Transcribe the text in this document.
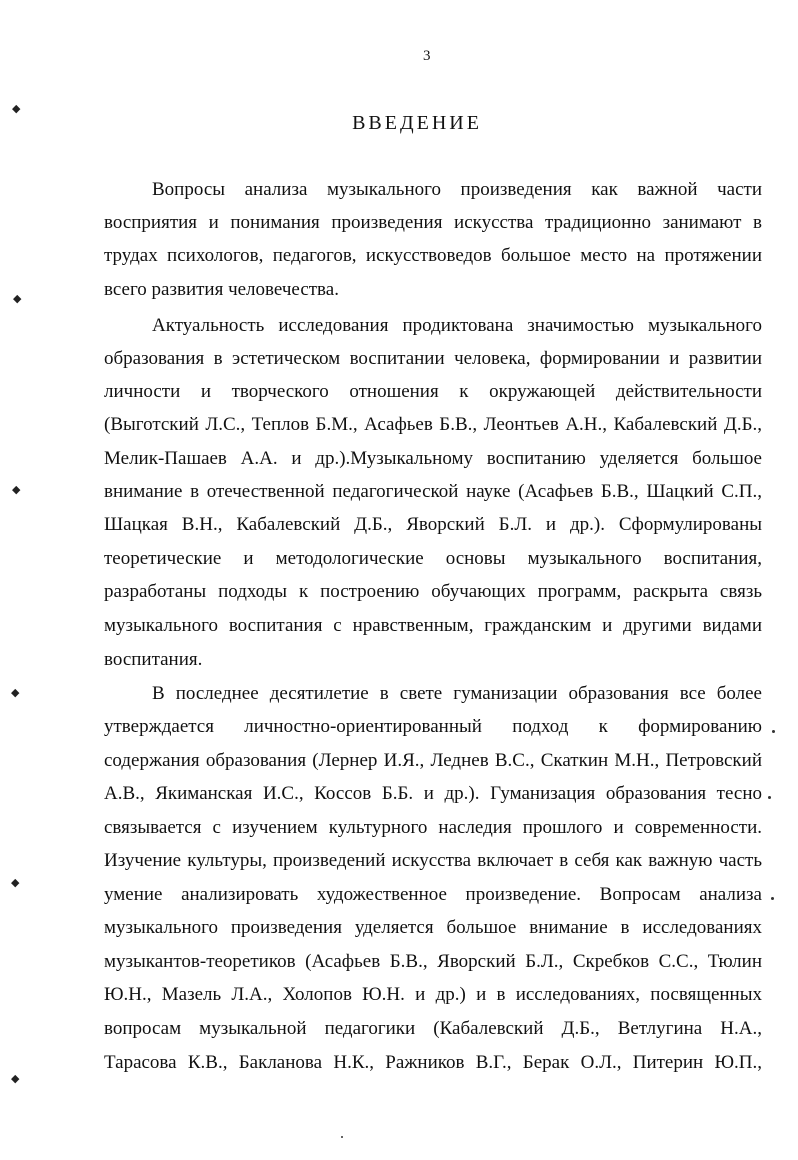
3
ВВЕДЕНИЕ
Вопросы анализа музыкального произведения как важной части
восприятия и понимания произведения искусства традиционно занимают в
трудах психологов, педагогов, искусствоведов большое место на протяжении
всего развития человечества.
Актуальность исследования продиктована значимостью музыкального
образования в эстетическом воспитании человека, формировании и развитии
личности и творческого отношения к окружающей действительности
(Выготский Л.С., Теплов Б.М., Асафьев Б.В., Леонтьев А.Н., Кабалевский Д.Б.,
Мелик-Пашаев А.А. и др.).Музыкальному воспитанию уделяется большое
внимание в отечественной педагогической науке (Асафьев Б.В., Шацкий С.П.,
Шацкая В.Н., Кабалевский Д.Б., Яворский Б.Л. и др.). Сформулированы
теоретические и методологические основы музыкального воспитания,
разработаны подходы к построению обучающих программ, раскрыта связь
музыкального воспитания с нравственным, гражданским и другими видами
воспитания.
В последнее десятилетие в свете гуманизации образования все более
утверждается личностно-ориентированный подход к формированию
содержания образования (Лернер И.Я., Леднев B.C., Скаткин М.Н., Петровский
А.В., Якиманская И.С., Коссов Б.Б. и др.). Гуманизация образования тесно
связывается с изучением культурного наследия прошлого и современности.
Изучение культуры, произведений искусства включает в себя как важную часть
умение анализировать художественное произведение. Вопросам анализа
музыкального произведения уделяется большое внимание в исследованиях
музыкантов-теоретиков (Асафьев Б.В., Яворский Б.Л., Скребков С.С., Тюлин
Ю.Н., Мазель Л.А., Холопов Ю.Н. и др.) и в исследованиях, посвященных
вопросам музыкальной педагогики (Кабалевский Д.Б., Ветлугина Н.А.,
Тарасова К.В., Бакланова Н.К., Ражников В.Г., Берак О.Л., Питерин Ю.П.,
◆
◆
◆
◆
◆
◆
